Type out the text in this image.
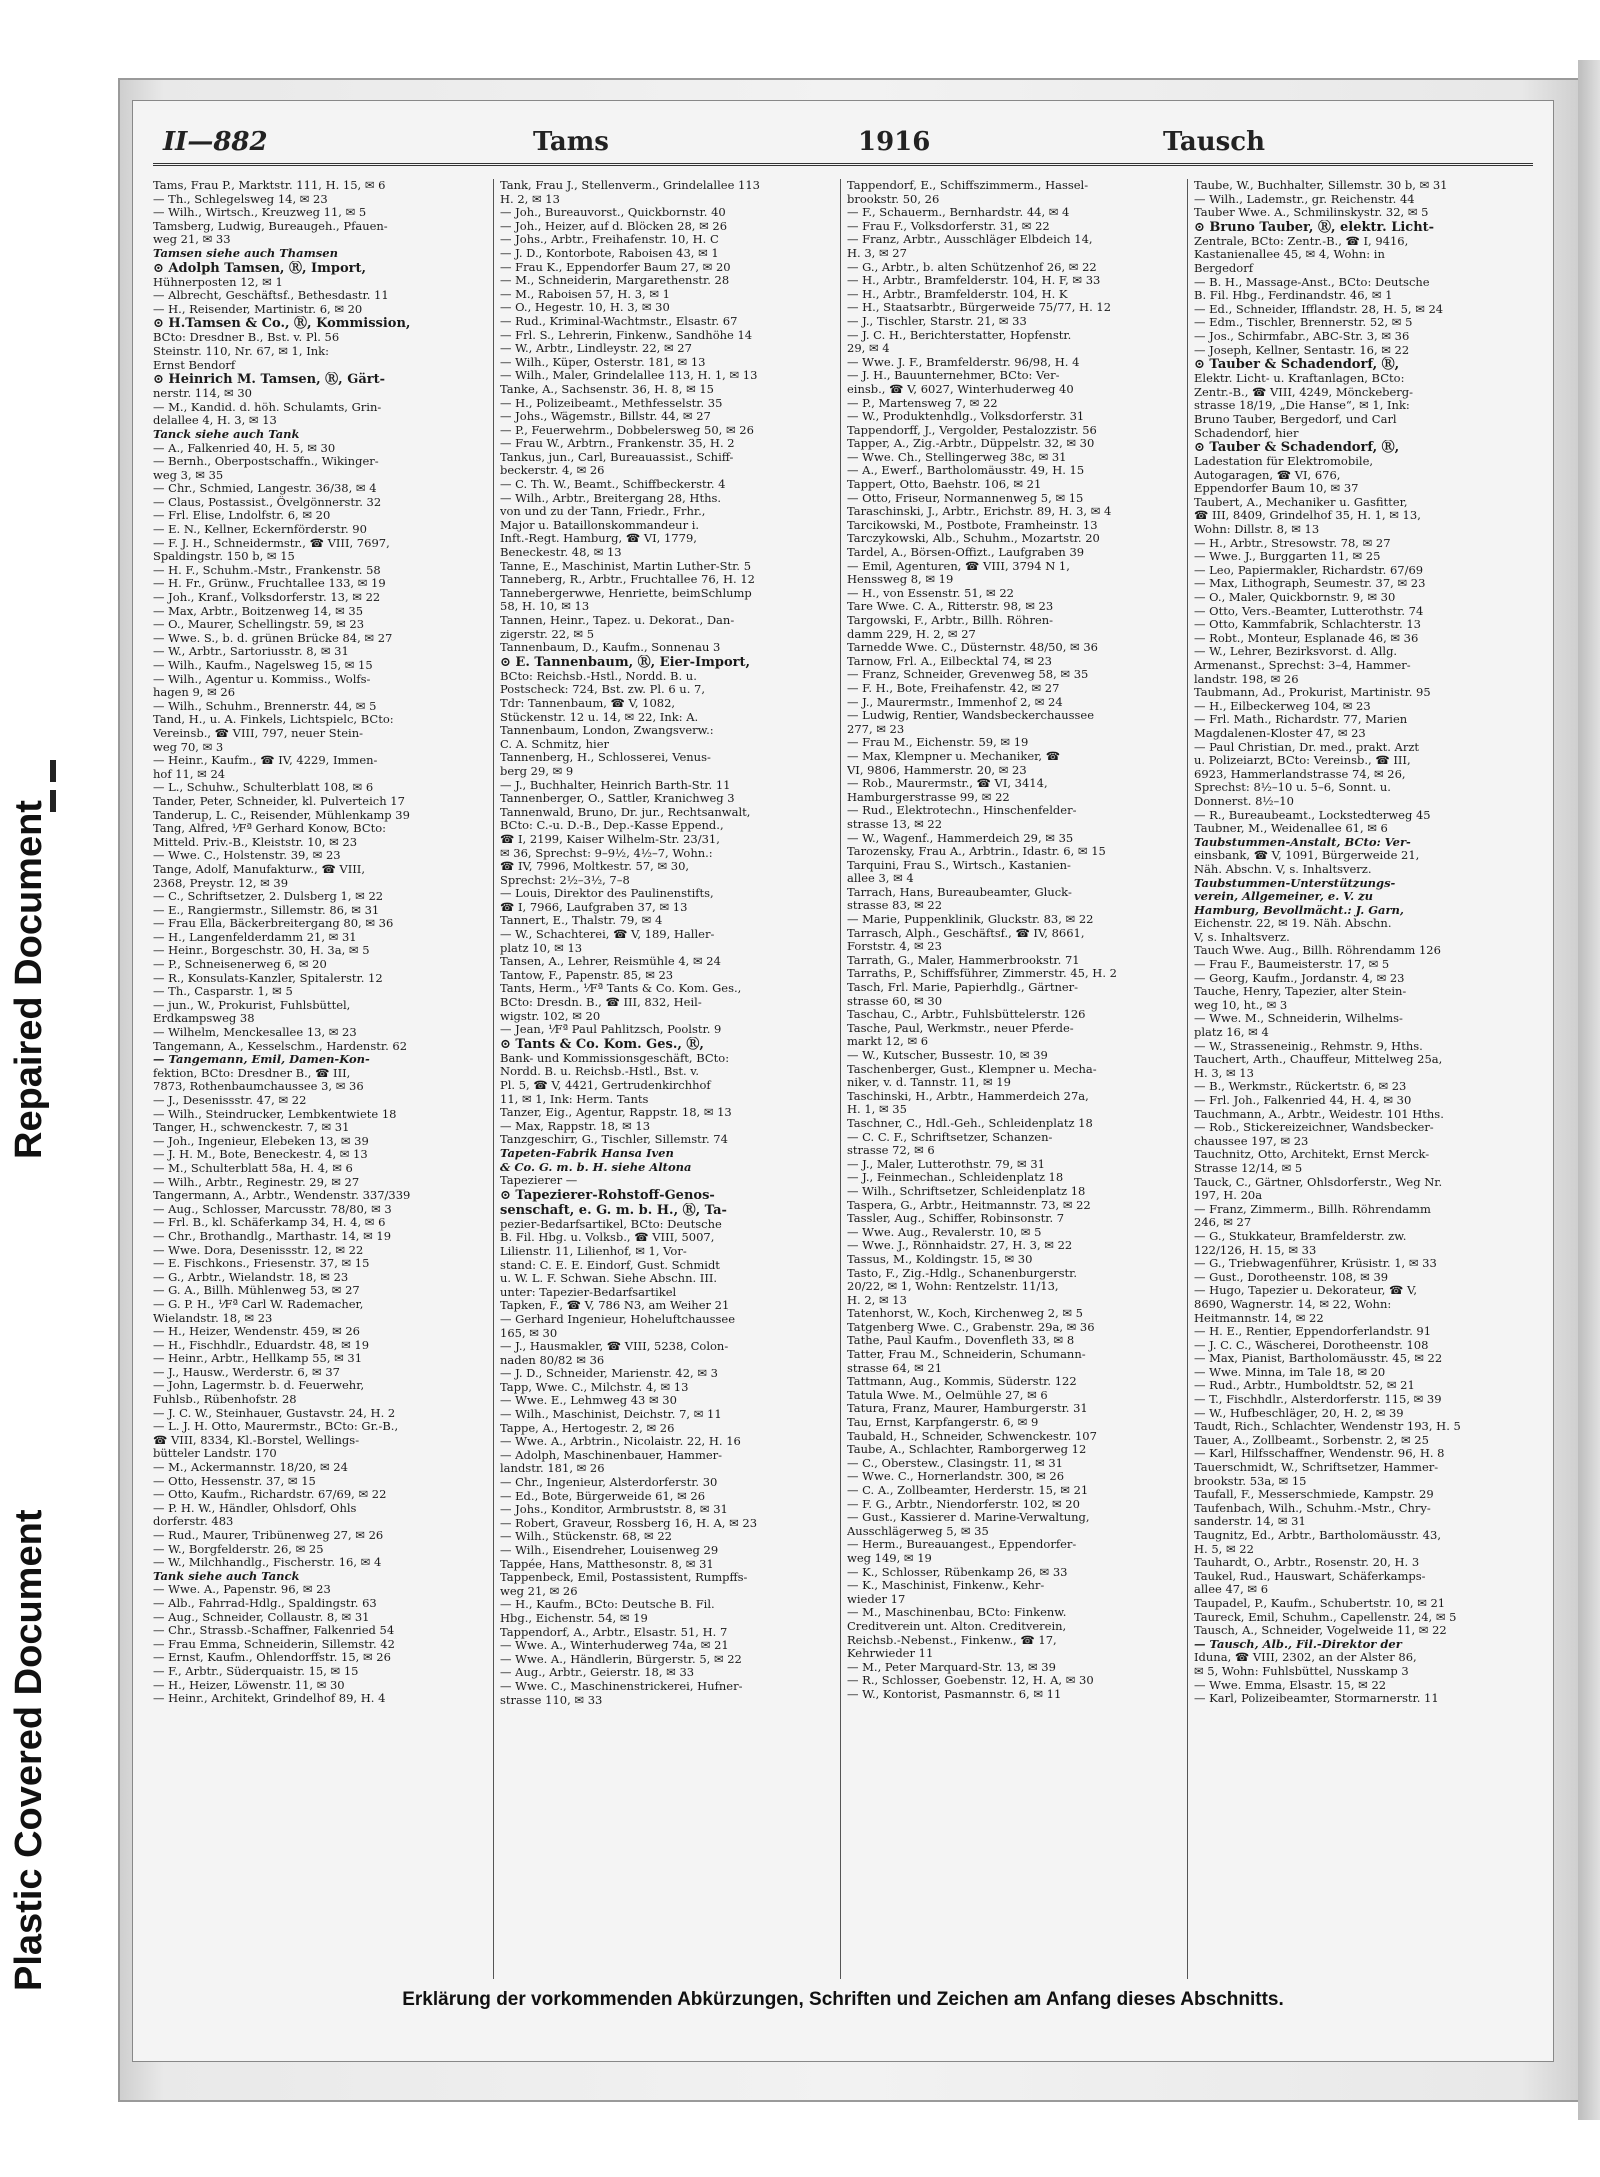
Repaired Document
Plastic Covered Document
II—882	Tams	1916	Tausch
Tams, Frau P., Marktstr. 111, H. 15, ✉ 6
— Th., Schlegelsweg 14, ✉ 23
— Wilh., Wirtsch., Kreuzweg 11, ✉ 5
Tamsberg, Ludwig, Bureaugeh., Pfauen-
weg 21, ✉ 33
Tamsen siehe auch Thamsen
⊙ Adolph Tamsen, Ⓡ, Import,
Hühnerposten 12, ✉ 1
— Albrecht, Geschäftsf., Bethesdastr. 11
— H., Reisender, Martinistr. 6, ✉ 20
⊙ H.Tamsen & Co., Ⓡ, Kommission,
BCto: Dresdner B., Bst. v. Pl. 56
Steinstr. 110, Nr. 67, ✉ 1, Ink:
Ernst Bendorf
⊙ Heinrich M. Tamsen, Ⓡ, Gärt-
nerstr. 114, ✉ 30
— M., Kandid. d. höh. Schulamts, Grin-
delallee 4, H. 3, ✉ 13
Tanck siehe auch Tank
— A., Falkenried 40, H. 5, ✉ 30
— Bernh., Oberpostschaffn., Wikinger-
weg 3, ✉ 35
— Chr., Schmied, Langestr. 36/38, ✉ 4
— Claus, Postassist., Övelgönnerstr. 32
— Frl. Elise, Lndolfstr. 6, ✉ 20
— E. N., Kellner, Eckernförderstr. 90
— F. J. H., Schneidermstr., ☎ VIII, 7697,
Spaldingstr. 150 b, ✉ 15
— H. F., Schuhm.-Mstr., Frankenstr. 58
— H. Fr., Grünw., Fruchtallee 133, ✉ 19
— Joh., Kranf., Volksdorferstr. 13, ✉ 22
— Max, Arbtr., Boitzenweg 14, ✉ 35
— O., Maurer, Schellingstr. 59, ✉ 23
— Wwe. S., b. d. grünen Brücke 84, ✉ 27
— W., Arbtr., Sartoriusstr. 8, ✉ 31
— Wilh., Kaufm., Nagelsweg 15, ✉ 15
— Wilh., Agentur u. Kommiss., Wolfs-
hagen 9, ✉ 26
— Wilh., Schuhm., Brennerstr. 44, ✉ 5
Tand, H., u. A. Finkels, Lichtspielc, BCto:
Vereinsb., ☎ VIII, 797, neuer Stein-
weg 70, ✉ 3
— Heinr., Kaufm., ☎ IV, 4229, Immen-
hof 11, ✉ 24
— L., Schuhw., Schulterblatt 108, ✉ 6
Tander, Peter, Schneider, kl. Pulverteich 17
Tanderup, L. C., Reisender, Mühlenkamp 39
Tang, Alfred, ⅟Fª Gerhard Konow, BCto:
Mitteld. Priv.-B., Kleiststr. 10, ✉ 23
— Wwe. C., Holstenstr. 39, ✉ 23
Tange, Adolf, Manufakturw., ☎ VIII,
2368, Preystr. 12, ✉ 39
— C., Schriftsetzer, 2. Dulsberg 1, ✉ 22
— E., Rangiermstr., Sillemstr. 86, ✉ 31
— Frau Ella, Bäckerbreitergang 80, ✉ 36
— H., Langenfelderdamm 21, ✉ 31
— Heinr., Borgeschstr. 30, H. 3a, ✉ 5
— P., Schneisenerweg 6, ✉ 20
— R., Konsulats-Kanzler, Spitalerstr. 12
— Th., Casparstr. 1, ✉ 5
— jun., W., Prokurist, Fuhlsbüttel,
Erdkampsweg 38
— Wilhelm, Menckesallee 13, ✉ 23
Tangemann, A., Kesselschm., Hardenstr. 62
— Tangemann, Emil, Damen-Kon-
fektion, BCto: Dresdner B., ☎ III,
7873, Rothenbaumchaussee 3, ✉ 36
— J., Desenissstr. 47, ✉ 22
— Wilh., Steindrucker, Lembkentwiete 18
Tanger, H., schwenckestr. 7, ✉ 31
— Joh., Ingenieur, Elebeken 13, ✉ 39
— J. H. M., Bote, Beneckestr. 4, ✉ 13
— M., Schulterblatt 58a, H. 4, ✉ 6
— Wilh., Arbtr., Reginestr. 29, ✉ 27
Tangermann, A., Arbtr., Wendenstr. 337/339
— Aug., Schlosser, Marcusstr. 78/80, ✉ 3
— Frl. B., kl. Schäferkamp 34, H. 4, ✉ 6
— Chr., Brothandlg., Marthastr. 14, ✉ 19
— Wwe. Dora, Desenissstr. 12, ✉ 22
— E. Fischkons., Friesenstr. 37, ✉ 15
— G., Arbtr., Wielandstr. 18, ✉ 23
— G. A., Billh. Mühlenweg 53, ✉ 27
— G. P. H., ⅟Fª Carl W. Rademacher,
Wielandstr. 18, ✉ 23
— H., Heizer, Wendenstr. 459, ✉ 26
— H., Fischhdlr., Eduardstr. 48, ✉ 19
— Heinr., Arbtr., Hellkamp 55, ✉ 31
— J., Hausw., Werderstr. 6, ✉ 37
— John, Lagermstr. b. d. Feuerwehr,
Fuhlsb., Rübenhofstr. 28
— J. C. W., Steinhauer, Gustavstr. 24, H. 2
— L. J. H. Otto, Maurermstr., BCto: Gr.-B.,
☎ VIII, 8334, Kl.-Borstel, Wellings-
bütteler Landstr. 170
— M., Ackermannstr. 18/20, ✉ 24
— Otto, Hessenstr. 37, ✉ 15
— Otto, Kaufm., Richardstr. 67/69, ✉ 22
— P. H. W., Händler, Ohlsdorf, Ohls
dorferstr. 483
— Rud., Maurer, Tribünenweg 27, ✉ 26
— W., Borgfelderstr. 26, ✉ 25
— W., Milchhandlg., Fischerstr. 16, ✉ 4
Tank siehe auch Tanck
— Wwe. A., Papenstr. 96, ✉ 23
— Alb., Fahrrad-Hdlg., Spaldingstr. 63
— Aug., Schneider, Collaustr. 8, ✉ 31
— Chr., Strassb.-Schaffner, Falkenried 54
— Frau Emma, Schneiderin, Sillemstr. 42
— Ernst, Kaufm., Ohlendorffstr. 15, ✉ 26
— F., Arbtr., Süderquaistr. 15, ✉ 15
— H., Heizer, Löwenstr. 11, ✉ 30
— Heinr., Architekt, Grindelhof 89, H. 4
Tank, Frau J., Stellenverm., Grindelallee 113
H. 2, ✉ 13
— Joh., Bureauvorst., Quickbornstr. 40
— Joh., Heizer, auf d. Blöcken 28, ✉ 26
— Johs., Arbtr., Freihafenstr. 10, H. C
— J. D., Kontorbote, Raboisen 43, ✉ 1
— Frau K., Eppendorfer Baum 27, ✉ 20
— M., Schneiderin, Margarethenstr. 28
— M., Raboisen 57, H. 3, ✉ 1
— O., Hegestr. 10, H. 3, ✉ 30
— Rud., Kriminal-Wachtmstr., Elsastr. 67
— Frl. S., Lehrerin, Finkenw., Sandhöhe 14
— W., Arbtr., Lindleystr. 22, ✉ 27
— Wilh., Küper, Osterstr. 181, ✉ 13
— Wilh., Maler, Grindelallee 113, H. 1, ✉ 13
Tanke, A., Sachsenstr. 36, H. 8, ✉ 15
— H., Polizeibeamt., Methfesselstr. 35
— Johs., Wägemstr., Billstr. 44, ✉ 27
— P., Feuerwehrm., Dobbelersweg 50, ✉ 26
— Frau W., Arbtrn., Frankenstr. 35, H. 2
Tankus, jun., Carl, Bureauassist., Schiff-
beckerstr. 4, ✉ 26
— C. Th. W., Beamt., Schiffbeckerstr. 4
— Wilh., Arbtr., Breitergang 28, Hths.
von und zu der Tann, Friedr., Frhr.,
Major u. Bataillonskommandeur i.
Inft.-Regt. Hamburg, ☎ VI, 1779,
Beneckestr. 48, ✉ 13
Tanne, E., Maschinist, Martin Luther-Str. 5
Tanneberg, R., Arbtr., Fruchtallee 76, H. 12
Tannebergerwwe, Henriette, beimSchlump
58, H. 10, ✉ 13
Tannen, Heinr., Tapez. u. Dekorat., Dan-
zigerstr. 22, ✉ 5
Tannenbaum, D., Kaufm., Sonnenau 3
⊙ E. Tannenbaum, Ⓡ, Eier-Import,
BCto: Reichsb.-Hstl., Nordd. B. u.
Postscheck: 724, Bst. zw. Pl. 6 u. 7,
Tdr: Tannenbaum, ☎ V, 1082,
Stückenstr. 12 u. 14, ✉ 22, Ink: A.
Tannenbaum, London, Zwangsverw.:
C. A. Schmitz, hier
Tannenberg, H., Schlosserei, Venus-
berg 29, ✉ 9
— J., Buchhalter, Heinrich Barth-Str. 11
Tannenberger, O., Sattler, Kranichweg 3
Tannenwald, Bruno, Dr. jur., Rechtsanwalt,
BCto: C.-u. D.-B., Dep.-Kasse Eppend.,
☎ I, 2199, Kaiser Wilhelm-Str. 23/31,
✉ 36, Sprechst: 9–9½, 4½–7, Wohn.:
☎ IV, 7996, Moltkestr. 57, ✉ 30,
Sprechst: 2½–3½, 7–8
— Louis, Direktor des Paulinenstifts,
☎ I, 7966, Laufgraben 37, ✉ 13
Tannert, E., Thalstr. 79, ✉ 4
— W., Schachterei, ☎ V, 189, Haller-
platz 10, ✉ 13
Tansen, A., Lehrer, Reismühle 4, ✉ 24
Tantow, F., Papenstr. 85, ✉ 23
Tants, Herm., ⅟Fª Tants & Co. Kom. Ges.,
BCto: Dresdn. B., ☎ III, 832, Heil-
wigstr. 102, ✉ 20
— Jean, ⅟Fª Paul Pahlitzsch, Poolstr. 9
⊙ Tants & Co. Kom. Ges., Ⓡ,
Bank- und Kommissionsgeschäft, BCto:
Nordd. B. u. Reichsb.-Hstl., Bst. v.
Pl. 5, ☎ V, 4421, Gertrudenkirchhof
11, ✉ 1, Ink: Herm. Tants
Tanzer, Eig., Agentur, Rappstr. 18, ✉ 13
— Max, Rappstr. 18, ✉ 13
Tanzgeschirr, G., Tischler, Sillemstr. 74
Tapeten-Fabrik Hansa Iven
& Co. G. m. b. H. siehe Altona
Tapezierer —
⊙ Tapezierer-Rohstoff-Genos-
senschaft, e. G. m. b. H., Ⓡ, Ta-
pezier-Bedarfsartikel, BCto: Deutsche
B. Fil. Hbg. u. Volksb., ☎ VIII, 5007,
Lilienstr. 11, Lilienhof, ✉ 1, Vor-
stand: C. E. E. Eindorf, Gust. Schmidt
u. W. L. F. Schwan. Siehe Abschn. III.
unter: Tapezier-Bedarfsartikel
Tapken, F., ☎ V, 786 N3, am Weiher 21
— Gerhard Ingenieur, Hoheluftchaussee
165, ✉ 30
— J., Hausmakler, ☎ VIII, 5238, Colon-
naden 80/82 ✉ 36
— J. D., Schneider, Marienstr. 42, ✉ 3
Tapp, Wwe. C., Milchstr. 4, ✉ 13
— Wwe. E., Lehmweg 43 ✉ 30
— Wilh., Maschinist, Deichstr. 7, ✉ 11
Tappe, A., Hertogestr. 2, ✉ 26
— Wwe. A., Arbtrin., Nicolaistr. 22, H. 16
— Adolph, Maschinenbauer, Hammer-
landstr. 181, ✉ 26
— Chr., Ingenieur, Alsterdorferstr. 30
— Ed., Bote, Bürgerweide 61, ✉ 26
— Johs., Konditor, Armbruststr. 8, ✉ 31
— Robert, Graveur, Rossberg 16, H. A, ✉ 23
— Wilh., Stückenstr. 68, ✉ 22
— Wilh., Eisendreher, Louisenweg 29
Tappée, Hans, Matthesonstr. 8, ✉ 31
Tappenbeck, Emil, Postassistent, Rumpffs-
weg 21, ✉ 26
— H., Kaufm., BCto: Deutsche B. Fil.
Hbg., Eichenstr. 54, ✉ 19
Tappendorf, A., Arbtr., Elsastr. 51, H. 7
— Wwe. A., Winterhuderweg 74a, ✉ 21
— Wwe. A., Händlerin, Bürgerstr. 5, ✉ 22
— Aug., Arbtr., Geierstr. 18, ✉ 33
— Wwe. C., Maschinenstrickerei, Hufner-
strasse 110, ✉ 33
Tappendorf, E., Schiffszimmerm., Hassel-
brookstr. 50, 26
— F., Schauerm., Bernhardstr. 44, ✉ 4
— Frau F., Volksdorferstr. 31, ✉ 22
— Franz, Arbtr., Ausschläger Elbdeich 14,
H. 3, ✉ 27
— G., Arbtr., b. alten Schützenhof 26, ✉ 22
— H., Arbtr., Bramfelderstr. 104, H. F, ✉ 33
— H., Arbtr., Bramfelderstr. 104, H. K
— H., Staatsarbtr., Bürgerweide 75/77, H. 12
— J., Tischler, Starstr. 21, ✉ 33
— J. C. H., Berichterstatter, Hopfenstr.
29, ✉ 4
— Wwe. J. F., Bramfelderstr. 96/98, H. 4
— J. H., Bauunternehmer, BCto: Ver-
einsb., ☎ V, 6027, Winterhuderweg 40
— P., Martensweg 7, ✉ 22
— W., Produktenhdlg., Volksdorferstr. 31
Tappendorff, J., Vergolder, Pestalozzistr. 56
Tapper, A., Zig.-Arbtr., Düppelstr. 32, ✉ 30
— Wwe. Ch., Stellingerweg 38c, ✉ 31
— A., Ewerf., Bartholomäusstr. 49, H. 15
Tappert, Otto, Baehstr. 106, ✉ 21
— Otto, Friseur, Normannenweg 5, ✉ 15
Taraschinski, J., Arbtr., Erichstr. 89, H. 3, ✉ 4
Tarcikowski, M., Postbote, Framheinstr. 13
Tarczykowski, Alb., Schuhm., Mozartstr. 20
Tardel, A., Börsen-Offizt., Laufgraben 39
— Emil, Agenturen, ☎ VIII, 3794 N 1,
Henssweg 8, ✉ 19
— H., von Essenstr. 51, ✉ 22
Tare Wwe. C. A., Ritterstr. 98, ✉ 23
Targowski, F., Arbtr., Billh. Röhren-
damm 229, H. 2, ✉ 27
Tarnedde Wwe. C., Düsternstr. 48/50, ✉ 36
Tarnow, Frl. A., Eilbecktal 74, ✉ 23
— Franz, Schneider, Grevenweg 58, ✉ 35
— F. H., Bote, Freihafenstr. 42, ✉ 27
— J., Maurermstr., Immenhof 2, ✉ 24
— Ludwig, Rentier, Wandsbeckerchaussee
277, ✉ 23
— Frau M., Eichenstr. 59, ✉ 19
— Max, Klempner u. Mechaniker, ☎
VI, 9806, Hammerstr. 20, ✉ 23
— Rob., Maurermstr., ☎ VI, 3414,
Hamburgerstrasse 99, ✉ 22
— Rud., Elektrotechn., Hinschenfelder-
strasse 13, ✉ 22
— W., Wagenf., Hammerdeich 29, ✉ 35
Tarozensky, Frau A., Arbtrin., Idastr. 6, ✉ 15
Tarquini, Frau S., Wirtsch., Kastanien-
allee 3, ✉ 4
Tarrach, Hans, Bureaubeamter, Gluck-
strasse 83, ✉ 22
— Marie, Puppenklinik, Gluckstr. 83, ✉ 22
Tarrasch, Alph., Geschäftsf., ☎ IV, 8661,
Forststr. 4, ✉ 23
Tarrath, G., Maler, Hammerbrookstr. 71
Tarraths, P., Schiffsführer, Zimmerstr. 45, H. 2
Tasch, Frl. Marie, Papierhdlg., Gärtner-
strasse 60, ✉ 30
Taschau, C., Arbtr., Fuhlsbüttelerstr. 126
Tasche, Paul, Werkmstr., neuer Pferde-
markt 12, ✉ 6
— W., Kutscher, Bussestr. 10, ✉ 39
Taschenberger, Gust., Klempner u. Mecha-
niker, v. d. Tannstr. 11, ✉ 19
Taschinski, H., Arbtr., Hammerdeich 27a,
H. 1, ✉ 35
Taschner, C., Hdl.-Geh., Schleidenplatz 18
— C. C. F., Schriftsetzer, Schanzen-
strasse 72, ✉ 6
— J., Maler, Lutterothstr. 79, ✉ 31
— J., Feinmechan., Schleidenplatz 18
— Wilh., Schriftsetzer, Schleidenplatz 18
Taspera, G., Arbtr., Heitmannstr. 73, ✉ 22
Tassler, Aug., Schiffer, Robinsonstr. 7
— Wwe. Aug., Revalerstr. 10, ✉ 5
— Wwe. J., Rönnhaidstr. 27, H. 3, ✉ 22
Tassus, M., Koldingstr. 15, ✉ 30
Tasto, F., Zig.-Hdlg., Schanenburgerstr.
20/22, ✉ 1, Wohn: Rentzelstr. 11/13,
H. 2, ✉ 13
Tatenhorst, W., Koch, Kirchenweg 2, ✉ 5
Tatgenberg Wwe. C., Grabenstr. 29a, ✉ 36
Tathe, Paul Kaufm., Dovenfleth 33, ✉ 8
Tatter, Frau M., Schneiderin, Schumann-
strasse 64, ✉ 21
Tattmann, Aug., Kommis, Süderstr. 122
Tatula Wwe. M., Oelmühle 27, ✉ 6
Tatura, Franz, Maurer, Hamburgerstr. 31
Tau, Ernst, Karpfangerstr. 6, ✉ 9
Taubald, H., Schneider, Schwenckestr. 107
Taube, A., Schlachter, Ramborgerweg 12
— C., Oberstew., Clasingstr. 11, ✉ 31
— Wwe. C., Hornerlandstr. 300, ✉ 26
— C. A., Zollbeamter, Herderstr. 15, ✉ 21
— F. G., Arbtr., Niendorferstr. 102, ✉ 20
— Gust., Kassierer d. Marine-Verwaltung,
Ausschlägerweg 5, ✉ 35
— Herm., Bureauangest., Eppendorfer-
weg 149, ✉ 19
— K., Schlosser, Rübenkamp 26, ✉ 33
— K., Maschinist, Finkenw., Kehr-
wieder 17
— M., Maschinenbau, BCto: Finkenw.
Creditverein unt. Alton. Creditverein,
Reichsb.-Nebenst., Finkenw., ☎ 17,
Kehrwieder 11
— M., Peter Marquard-Str. 13, ✉ 39
— R., Schlosser, Goebenstr. 12, H. A, ✉ 30
— W., Kontorist, Pasmannstr. 6, ✉ 11
Taube, W., Buchhalter, Sillemstr. 30 b, ✉ 31
— Wilh., Lademstr., gr. Reichenstr. 44
Tauber Wwe. A., Schmilinskystr. 32, ✉ 5
⊙ Bruno Tauber, Ⓡ, elektr. Licht-
Zentrale, BCto: Zentr.-B., ☎ I, 9416,
Kastanienallee 45, ✉ 4, Wohn: in
Bergedorf
— B. H., Massage-Anst., BCto: Deutsche
B. Fil. Hbg., Ferdinandstr. 46, ✉ 1
— Ed., Schneider, Ifflandstr. 28, H. 5, ✉ 24
— Edm., Tischler, Brennerstr. 52, ✉ 5
— Jos., Schirmfabr., ABC-Str. 3, ✉ 36
— Joseph, Kellner, Sentastr. 16, ✉ 22
⊙ Tauber & Schadendorf, Ⓡ,
Elektr. Licht- u. Kraftanlagen, BCto:
Zentr.-B., ☎ VIII, 4249, Mönckeberg-
strasse 18/19, „Die Hanse“, ✉ 1, Ink:
Bruno Tauber, Bergedorf, und Carl
Schadendorf, hier
⊙ Tauber & Schadendorf, Ⓡ,
Ladestation für Elektromobile,
Autogaragen, ☎ VI, 676,
Eppendorfer Baum 10, ✉ 37
Taubert, A., Mechaniker u. Gasfitter,
☎ III, 8409, Grindelhof 35, H. 1, ✉ 13,
Wohn: Dillstr. 8, ✉ 13
— H., Arbtr., Stresowstr. 78, ✉ 27
— Wwe. J., Burggarten 11, ✉ 25
— Leo, Papiermakler, Richardstr. 67/69
— Max, Lithograph, Seumestr. 37, ✉ 23
— O., Maler, Quickbornstr. 9, ✉ 30
— Otto, Vers.-Beamter, Lutterothstr. 74
— Otto, Kammfabrik, Schlachterstr. 13
— Robt., Monteur, Esplanade 46, ✉ 36
— W., Lehrer, Bezirksvorst. d. Allg.
Armenanst., Sprechst: 3–4, Hammer-
landstr. 198, ✉ 26
Taubmann, Ad., Prokurist, Martinistr. 95
— H., Eilbeckerweg 104, ✉ 23
— Frl. Math., Richardstr. 77, Marien
Magdalenen-Kloster 47, ✉ 23
— Paul Christian, Dr. med., prakt. Arzt
u. Polizeiarzt, BCto: Vereinsb., ☎ III,
6923, Hammerlandstrasse 74, ✉ 26,
Sprechst: 8½–10 u. 5–6, Sonnt. u.
Donnerst. 8½–10
— R., Bureaubeamt., Lockstedterweg 45
Taubner, M., Weidenallee 61, ✉ 6
Taubstummen-Anstalt, BCto: Ver-
einsbank, ☎ V, 1091, Bürgerweide 21,
Näh. Abschn. V, s. Inhaltsverz.
Taubstummen-Unterstützungs-
verein, Allgemeiner, e. V. zu
Hamburg, Bevollmächt.: J. Garn,
Eichenstr. 22, ✉ 19. Näh. Abschn.
V, s. Inhaltsverz.
Tauch Wwe. Aug., Billh. Röhrendamm 126
— Frau F., Baumeisterstr. 17, ✉ 5
— Georg, Kaufm., Jordanstr. 4, ✉ 23
Tauche, Henry, Tapezier, alter Stein-
weg 10, ht., ✉ 3
— Wwe. M., Schneiderin, Wilhelms-
platz 16, ✉ 4
— W., Strasseneinig., Rehmstr. 9, Hths.
Tauchert, Arth., Chauffeur, Mittelweg 25a,
H. 3, ✉ 13
— B., Werkmstr., Rückertstr. 6, ✉ 23
— Frl. Joh., Falkenried 44, H. 4, ✉ 30
Tauchmann, A., Arbtr., Weidestr. 101 Hths.
— Rob., Stickereizeichner, Wandsbecker-
chaussee 197, ✉ 23
Tauchnitz, Otto, Architekt, Ernst Merck-
Strasse 12/14, ✉ 5
Tauck, C., Gärtner, Ohlsdorferstr., Weg Nr.
197, H. 20a
— Franz, Zimmerm., Billh. Röhrendamm
246, ✉ 27
— G., Stukkateur, Bramfelderstr. zw.
122/126, H. 15, ✉ 33
— G., Triebwagenführer, Krüsistr. 1, ✉ 33
— Gust., Dorotheenstr. 108, ✉ 39
— Hugo, Tapezier u. Dekorateur, ☎ V,
8690, Wagnerstr. 14, ✉ 22, Wohn:
Heitmannstr. 14, ✉ 22
— H. E., Rentier, Eppendorferlandstr. 91
— J. C. C., Wäscherei, Dorotheenstr. 108
— Max, Pianist, Bartholomäusstr. 45, ✉ 22
— Wwe. Minna, im Tale 18, ✉ 20
— Rud., Arbtr., Humboldtstr. 52, ✉ 21
— T., Fischhdlr., Alsterdorferstr. 115, ✉ 39
— W., Hufbeschläger, 20, H. 2, ✉ 39
Taudt, Rich., Schlachter, Wendenstr 193, H. 5
Tauer, A., Zollbeamt., Sorbenstr. 2, ✉ 25
— Karl, Hilfsschaffner, Wendenstr. 96, H. 8
Tauerschmidt, W., Schriftsetzer, Hammer-
brookstr. 53a, ✉ 15
Taufall, F., Messerschmiede, Kampstr. 29
Taufenbach, Wilh., Schuhm.-Mstr., Chry-
sanderstr. 14, ✉ 31
Taugnitz, Ed., Arbtr., Bartholomäusstr. 43,
H. 5, ✉ 22
Tauhardt, O., Arbtr., Rosenstr. 20, H. 3
Taukel, Rud., Hauswart, Schäferkamps-
allee 47, ✉ 6
Taupadel, P., Kaufm., Schubertstr. 10, ✉ 21
Taureck, Emil, Schuhm., Capellenstr. 24, ✉ 5
Tausch, A., Schneider, Vogelweide 11, ✉ 22
— Tausch, Alb., Fil.-Direktor der
Iduna, ☎ VIII, 2302, an der Alster 86,
✉ 5, Wohn: Fuhlsbüttel, Nusskamp 3
— Wwe. Emma, Elsastr. 15, ✉ 22
— Karl, Polizeibeamter, Stormarnerstr. 11
Erklärung der vorkommenden Abkürzungen, Schriften und Zeichen am Anfang dieses Abschnitts.
